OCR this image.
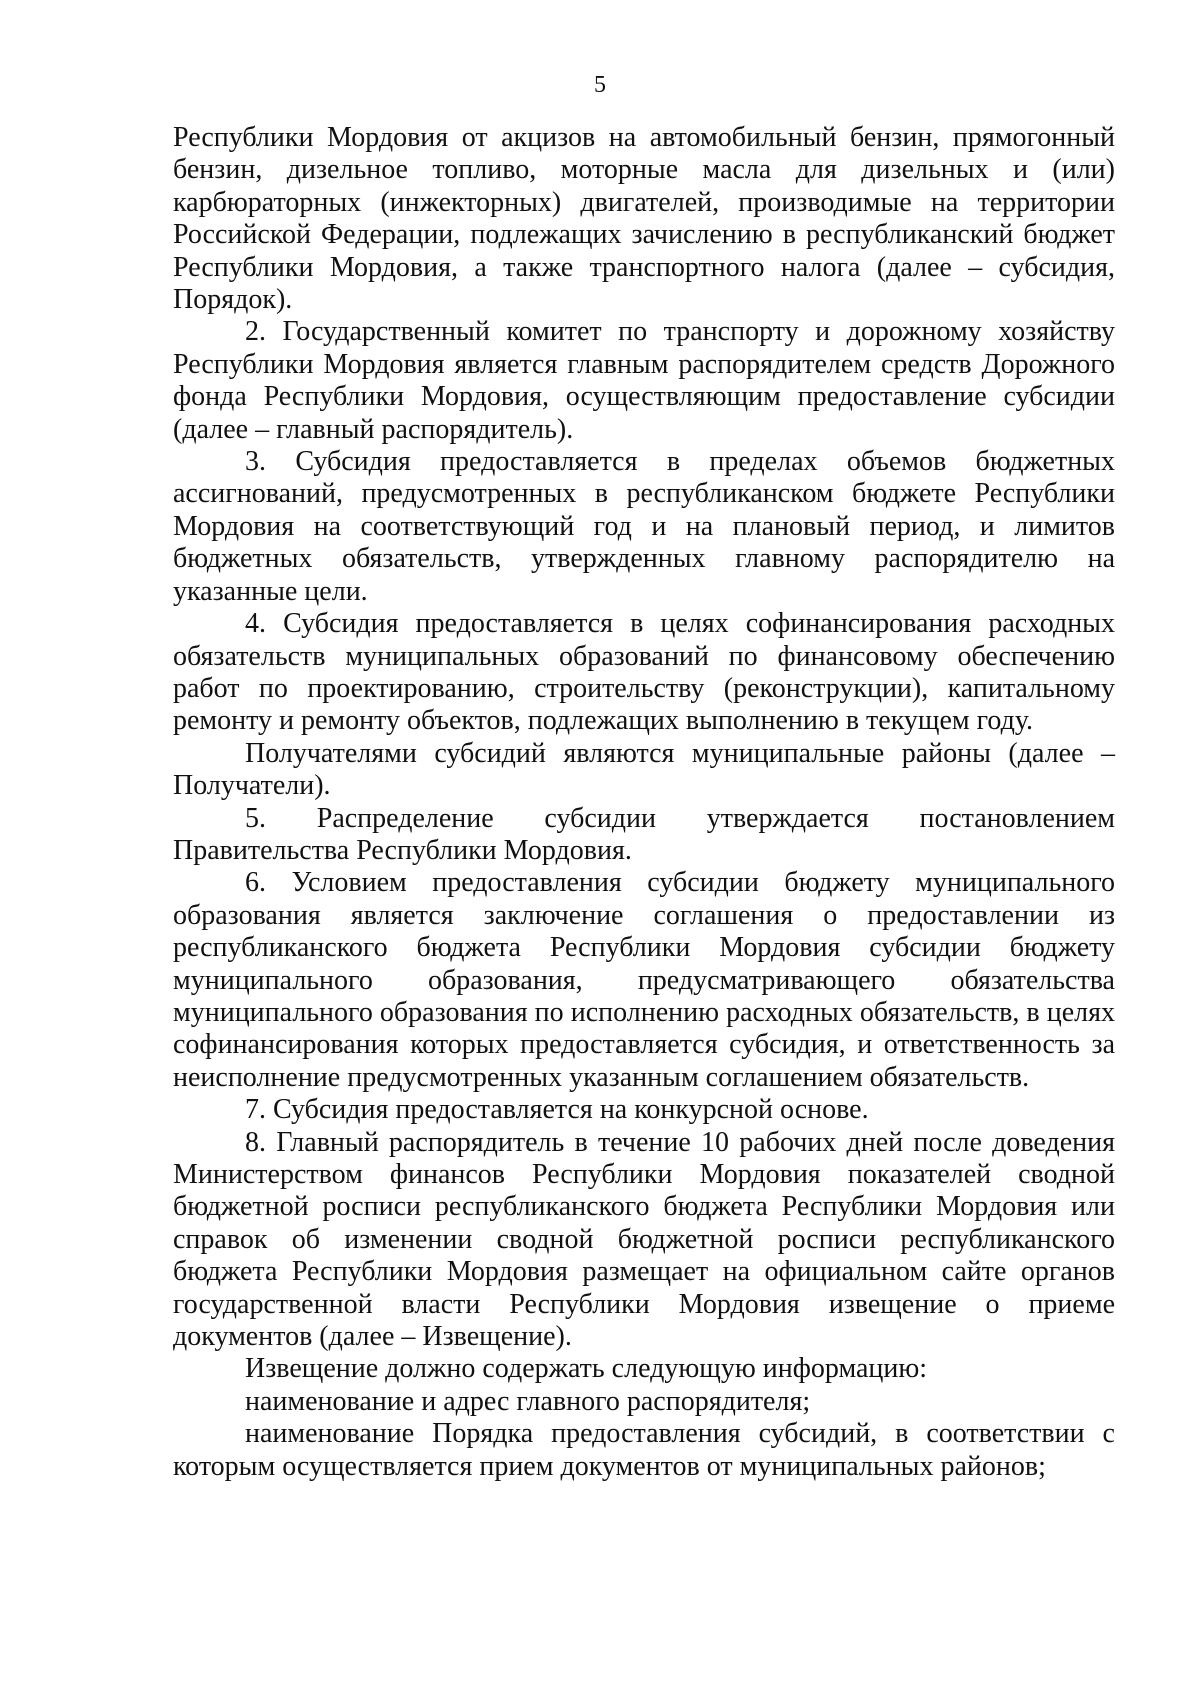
5

Республики Мордовия от акцизов на автомобильный бензин, прямогонный бензин, дизельное топливо, моторные масла для дизельных и (или) карбюраторных (инжекторных) двигателей, производимые на территории Российской Федерации, подлежащих зачислению в республиканский бюджет Республики Мордовия, а также транспортного налога (далее – субсидия, Порядок).

2. Государственный комитет по транспорту и дорожному хозяйству Республики Мордовия является главным распорядителем средств Дорожного фонда Республики Мордовия, осуществляющим предоставление субсидии (далее – главный распорядитель).

3. Субсидия предоставляется в пределах объемов бюджетных ассигнований, предусмотренных в республиканском бюджете Республики Мордовия на соответствующий год и на плановый период, и лимитов бюджетных обязательств, утвержденных главному распорядителю на указанные цели.

4. Субсидия предоставляется в целях софинансирования расходных обязательств муниципальных образований по финансовому обеспечению работ по проектированию, строительству (реконструкции), капитальному ремонту и ремонту объектов, подлежащих выполнению в текущем году.

Получателями субсидий являются муниципальные районы (далее – Получатели).

5. Распределение субсидии утверждается постановлением Правительства Республики Мордовия.

6. Условием предоставления субсидии бюджету муниципального образования является заключение соглашения о предоставлении из республиканского бюджета Республики Мордовия субсидии бюджету муниципального образования, предусматривающего обязательства муниципального образования по исполнению расходных обязательств, в целях софинансирования которых предоставляется субсидия, и ответственность за неисполнение предусмотренных указанным соглашением обязательств.

7. Субсидия предоставляется на конкурсной основе.

8. Главный распорядитель в течение 10 рабочих дней после доведения Министерством финансов Республики Мордовия показателей сводной бюджетной росписи республиканского бюджета Республики Мордовия или справок об изменении сводной бюджетной росписи республиканского бюджета Республики Мордовия размещает на официальном сайте органов государственной власти Республики Мордовия извещение о приеме документов (далее – Извещение).

Извещение должно содержать следующую информацию:

наименование и адрес главного распорядителя;

наименование Порядка предоставления субсидий, в соответствии с которым осуществляется прием документов от муниципальных районов;
